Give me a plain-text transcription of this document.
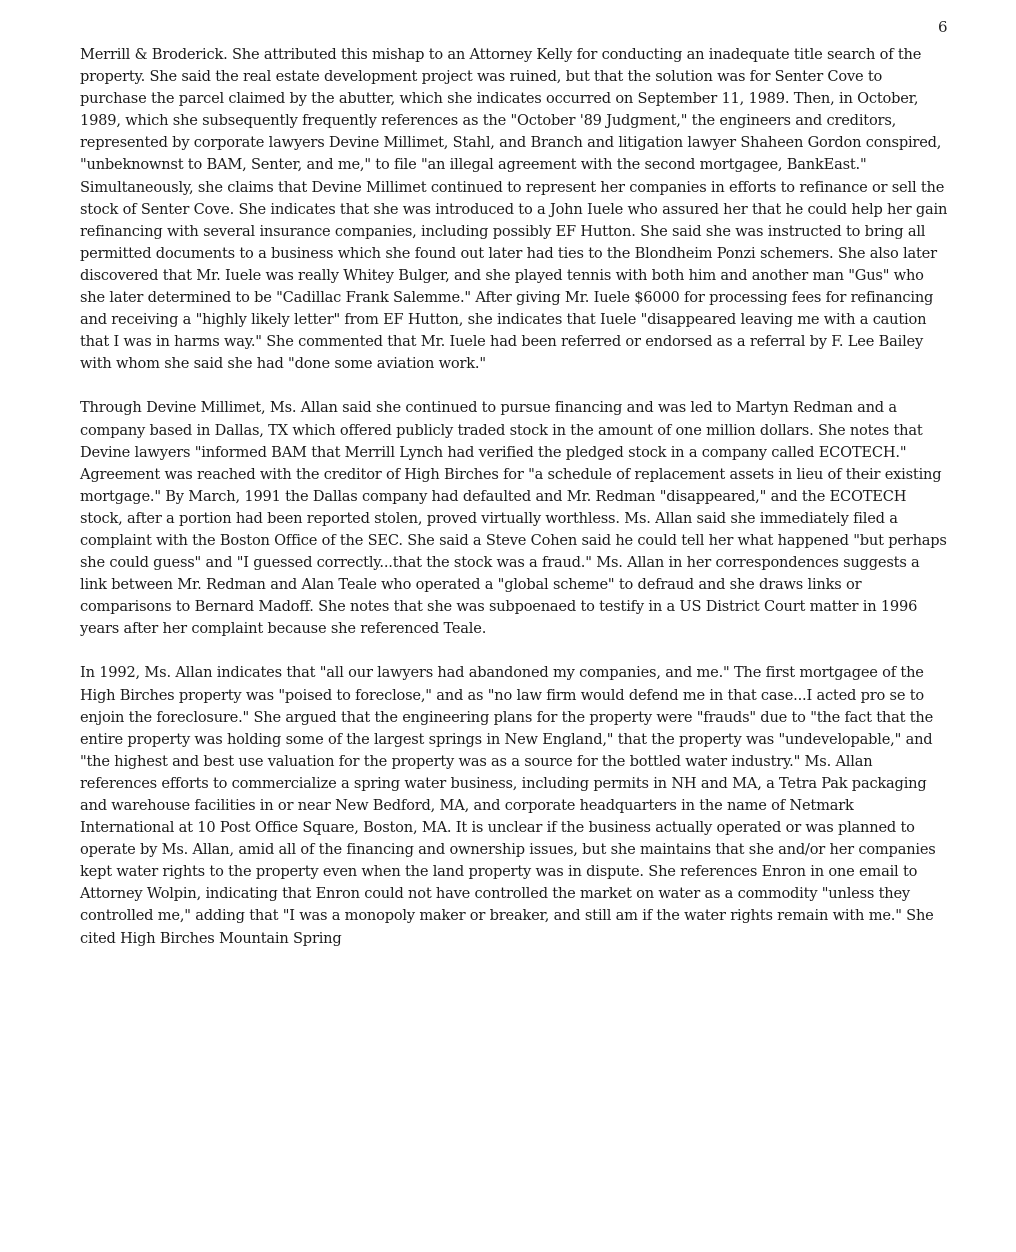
6

Merrill & Broderick. She attributed this mishap to an Attorney Kelly for conducting an inadequate title search of the property. She said the real estate development project was ruined, but that the solution was for Senter Cove to purchase the parcel claimed by the abutter, which she indicates occurred on September 11, 1989. Then, in October, 1989, which she subsequently frequently references as the "October '89 Judgment," the engineers and creditors, represented by corporate lawyers Devine Millimet, Stahl, and Branch and litigation lawyer Shaheen Gordon conspired, "unbeknownst to BAM, Senter, and me," to file "an illegal agreement with the second mortgagee, BankEast." Simultaneously, she claims that Devine Millimet continued to represent her companies in efforts to refinance or sell the stock of Senter Cove. She indicates that she was introduced to a John Iuele who assured her that he could help her gain refinancing with several insurance companies, including possibly EF Hutton. She said she was instructed to bring all permitted documents to a business which she found out later had ties to the Blondheim Ponzi schemers. She also later discovered that Mr. Iuele was really Whitey Bulger, and she played tennis with both him and another man "Gus" who she later determined to be "Cadillac Frank Salemme." After giving Mr. Iuele $6000 for processing fees for refinancing and receiving a "highly likely letter" from EF Hutton, she indicates that Iuele "disappeared leaving me with a caution that I was in harms way." She commented that Mr. Iuele had been referred or endorsed as a referral by F. Lee Bailey with whom she said she had "done some aviation work."

Through Devine Millimet, Ms. Allan said she continued to pursue financing and was led to Martyn Redman and a company based in Dallas, TX which offered publicly traded stock in the amount of one million dollars. She notes that Devine lawyers "informed BAM that Merrill Lynch had verified the pledged stock in a company called ECOTECH." Agreement was reached with the creditor of High Birches for "a schedule of replacement assets in lieu of their existing mortgage." By March, 1991 the Dallas company had defaulted and Mr. Redman "disappeared," and the ECOTECH stock, after a portion had been reported stolen, proved virtually worthless. Ms. Allan said she immediately filed a complaint with the Boston Office of the SEC. She said a Steve Cohen said he could tell her what happened "but perhaps she could guess" and "I guessed correctly...that the stock was a fraud." Ms. Allan in her correspondences suggests a link between Mr. Redman and Alan Teale who operated a "global scheme" to defraud and she draws links or comparisons to Bernard Madoff. She notes that she was subpoenaed to testify in a US District Court matter in 1996 years after her complaint because she referenced Teale.

In 1992, Ms. Allan indicates that "all our lawyers had abandoned my companies, and me." The first mortgagee of the High Birches property was "poised to foreclose," and as "no law firm would defend me in that case...I acted pro se to enjoin the foreclosure." She argued that the engineering plans for the property were "frauds" due to "the fact that the entire property was holding some of the largest springs in New England," that the property was "undevelopable," and "the highest and best use valuation for the property was as a source for the bottled water industry." Ms. Allan references efforts to commercialize a spring water business, including permits in NH and MA, a Tetra Pak packaging and warehouse facilities in or near New Bedford, MA, and corporate headquarters in the name of Netmark International at 10 Post Office Square, Boston, MA. It is unclear if the business actually operated or was planned to operate by Ms. Allan, amid all of the financing and ownership issues, but she maintains that she and/or her companies kept water rights to the property even when the land property was in dispute. She references Enron in one email to Attorney Wolpin, indicating that Enron could not have controlled the market on water as a commodity "unless they controlled me," adding that "I was a monopoly maker or breaker, and still am if the water rights remain with me." She cited High Birches Mountain Spring
